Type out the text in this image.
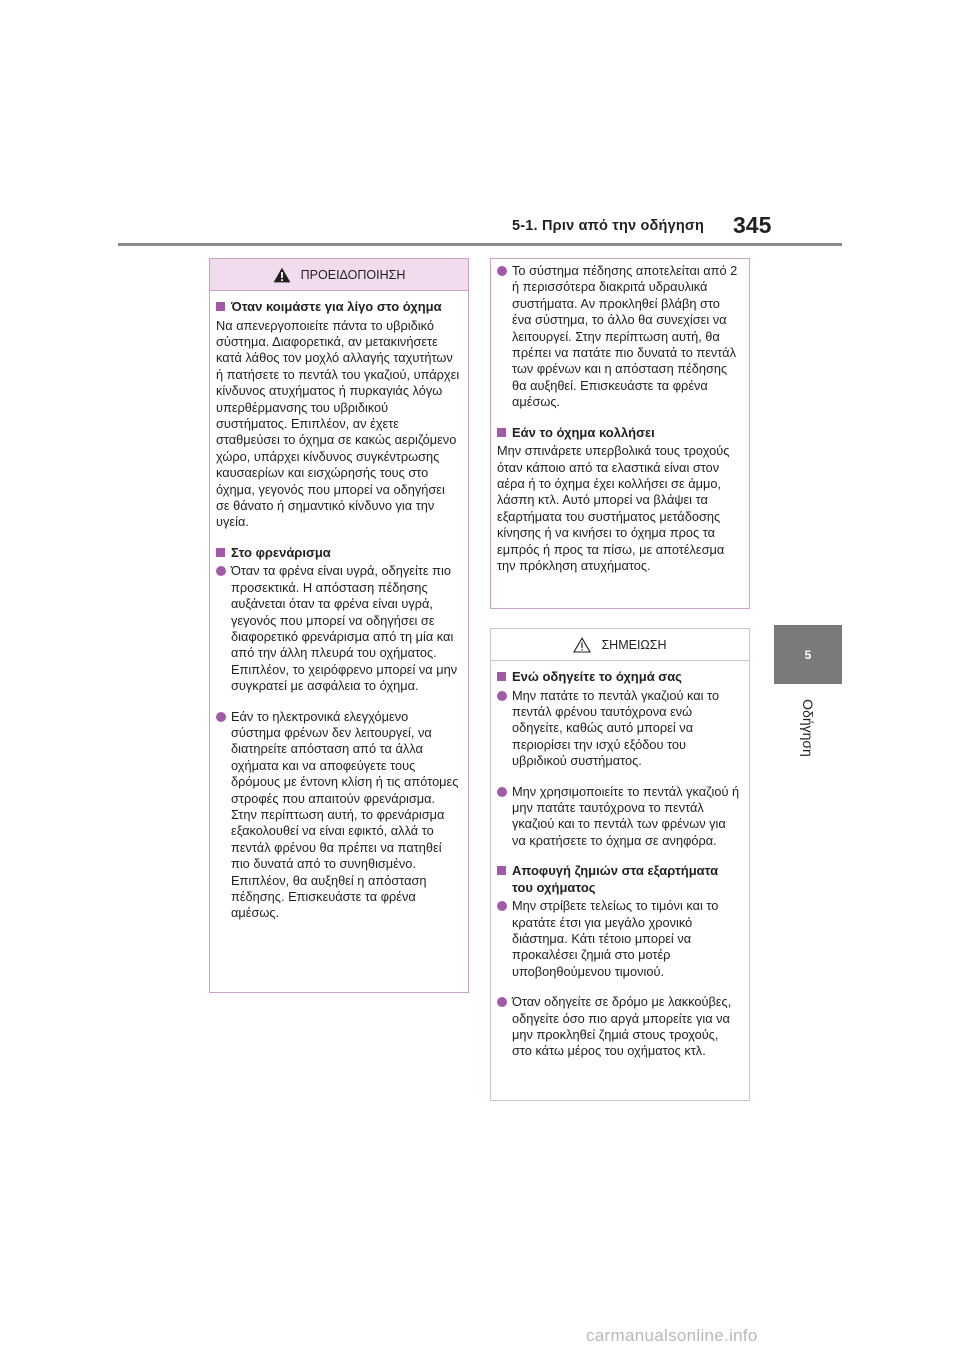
5-1. Πριν από την οδήγηση 345
5
Οδήγηση
ΠΡΟΕΙΔΟΠΟΙΗΣΗ
Όταν κοιμάστε για λίγο στο όχημα
Να απενεργοποιείτε πάντα το υβριδικό σύστημα. Διαφορετικά, αν μετακινήσετε κατά λάθος τον μοχλό αλλαγής ταχυτήτων ή πατήσετε το πεντάλ του γκαζιού, υπάρχει κίνδυνος ατυχήματος ή πυρκαγιάς λόγω υπερθέρμανσης του υβριδικού συστήματος. Επιπλέον, αν έχετε σταθμεύσει το όχημα σε κακώς αεριζόμενο χώρο, υπάρχει κίνδυνος συγκέντρωσης καυσαερίων και εισχώρησής τους στο όχημα, γεγονός που μπορεί να οδηγήσει σε θάνατο ή σημαντικό κίνδυνο για την υγεία.
Στο φρενάρισμα
Όταν τα φρένα είναι υγρά, οδηγείτε πιο προσεκτικά. Η απόσταση πέδησης αυξάνεται όταν τα φρένα είναι υγρά, γεγονός που μπορεί να οδηγήσει σε διαφορετικό φρενάρισμα από τη μία και από την άλλη πλευρά του οχήματος. Επιπλέον, το χειρόφρενο μπορεί να μην συγκρατεί με ασφάλεια το όχημα.
Εάν το ηλεκτρονικά ελεγχόμενο σύστημα φρένων δεν λειτουργεί, να διατηρείτε απόσταση από τα άλλα οχήματα και να αποφεύγετε τους δρόμους με έντονη κλίση ή τις απότομες στροφές που απαιτούν φρενάρισμα. Στην περίπτωση αυτή, το φρενάρισμα εξακολουθεί να είναι εφικτό, αλλά το πεντάλ φρένου θα πρέπει να πατηθεί πιο δυνατά από το συνηθισμένο. Επιπλέον, θα αυξηθεί η απόσταση πέδησης. Επισκευάστε τα φρένα αμέσως.
Το σύστημα πέδησης αποτελείται από 2 ή περισσότερα διακριτά υδραυλικά συστήματα. Αν προκληθεί βλάβη στο ένα σύστημα, το άλλο θα συνεχίσει να λειτουργεί. Στην περίπτωση αυτή, θα πρέπει να πατάτε πιο δυνατά το πεντάλ των φρένων και η απόσταση πέδησης θα αυξηθεί. Επισκευάστε τα φρένα αμέσως.
Εάν το όχημα κολλήσει
Μην σπινάρετε υπερβολικά τους τροχούς όταν κάποιο από τα ελαστικά είναι στον αέρα ή το όχημα έχει κολλήσει σε άμμο, λάσπη κτλ. Αυτό μπορεί να βλάψει τα εξαρτήματα του συστήματος μετάδοσης κίνησης ή να κινήσει το όχημα προς τα εμπρός ή προς τα πίσω, με αποτέλεσμα την πρόκληση ατυχήματος.
ΣΗΜΕΙΩΣΗ
Ενώ οδηγείτε το όχημά σας
Μην πατάτε το πεντάλ γκαζιού και το πεντάλ φρένου ταυτόχρονα ενώ οδηγείτε, καθώς αυτό μπορεί να περιορίσει την ισχύ εξόδου του υβριδικού συστήματος.
Μην χρησιμοποιείτε το πεντάλ γκαζιού ή μην πατάτε ταυτόχρονα το πεντάλ γκαζιού και το πεντάλ των φρένων για να κρατήσετε το όχημα σε ανηφόρα.
Αποφυγή ζημιών στα εξαρτήματα του οχήματος
Μην στρίβετε τελείως το τιμόνι και το κρατάτε έτσι για μεγάλο χρονικό διάστημα. Κάτι τέτοιο μπορεί να προκαλέσει ζημιά στο μοτέρ υποβοηθούμενου τιμονιού.
Όταν οδηγείτε σε δρόμο με λακκούβες, οδηγείτε όσο πιο αργά μπορείτε για να μην προκληθεί ζημιά στους τροχούς, στο κάτω μέρος του οχήματος κτλ.
carmanualsonline.info
